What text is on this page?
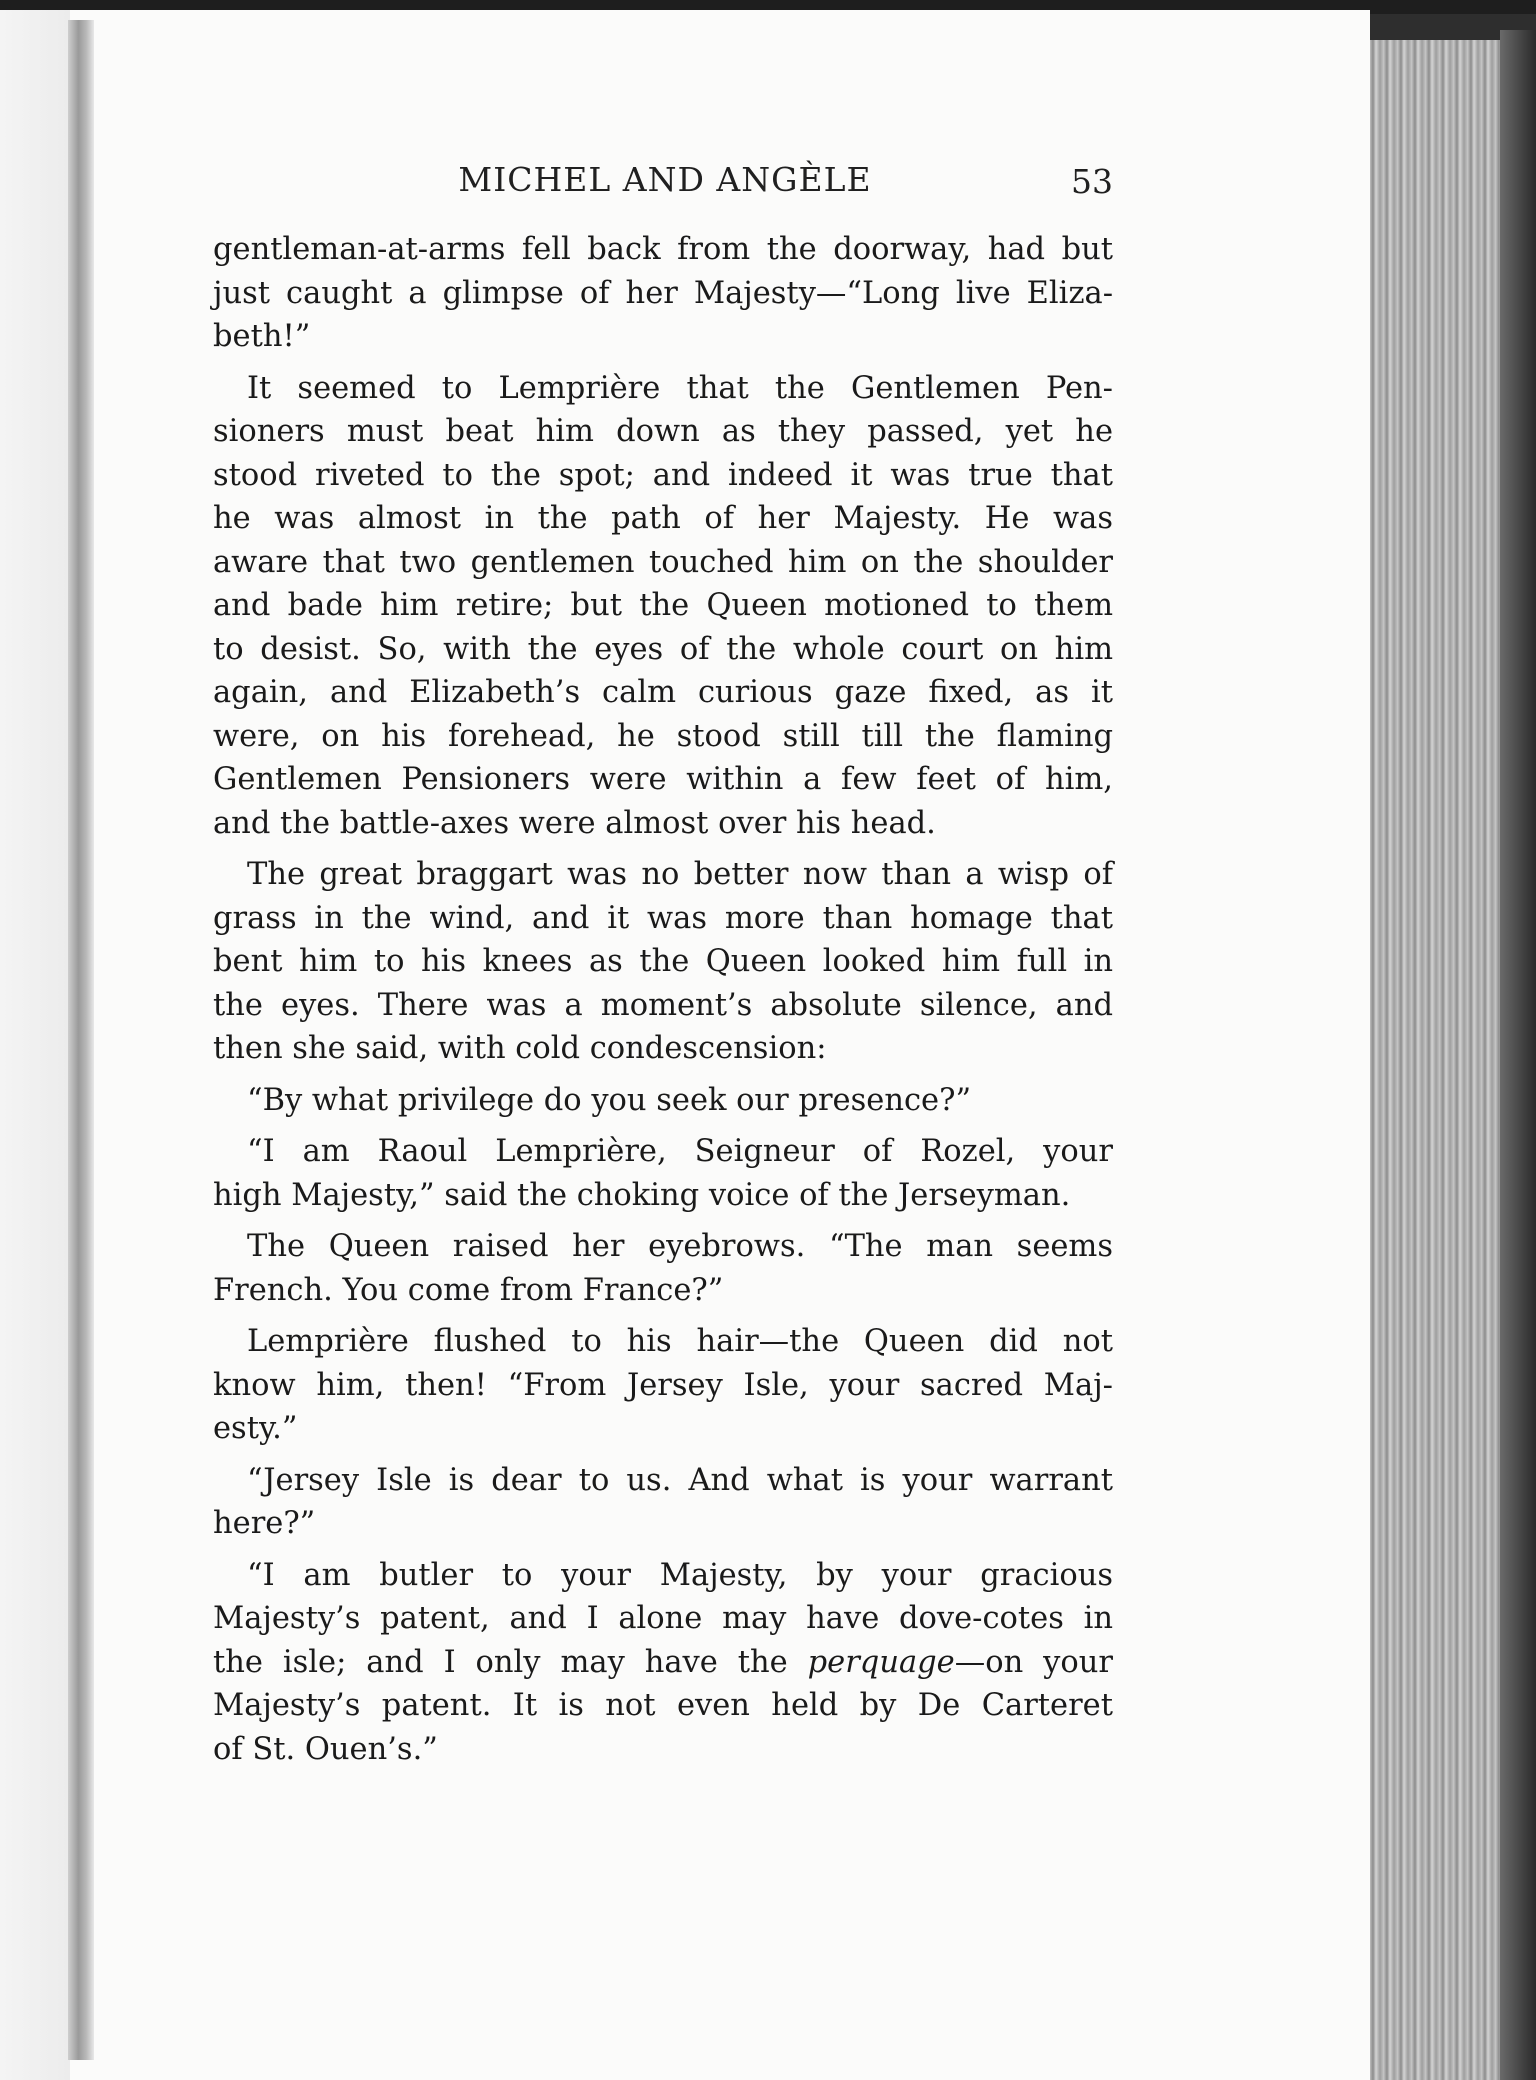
MICHEL AND ANGÈLE	53
gentleman-at-arms fell back from the doorway, had but
just caught a glimpse of her Majesty—“Long live Eliza-
beth!”
It seemed to Lemprière that the Gentlemen Pen-
sioners must beat him down as they passed, yet he
stood riveted to the spot; and indeed it was true that
he was almost in the path of her Majesty. He was
aware that two gentlemen touched him on the shoulder
and bade him retire; but the Queen motioned to them
to desist. So, with the eyes of the whole court on him
again, and Elizabeth’s calm curious gaze fixed, as it
were, on his forehead, he stood still till the flaming
Gentlemen Pensioners were within a few feet of him,
and the battle-axes were almost over his head.
The great braggart was no better now than a wisp of
grass in the wind, and it was more than homage that
bent him to his knees as the Queen looked him full in
the eyes. There was a moment’s absolute silence, and
then she said, with cold condescension:
“By what privilege do you seek our presence?”
“I am Raoul Lemprière, Seigneur of Rozel, your
high Majesty,” said the choking voice of the Jerseyman.
The Queen raised her eyebrows. “The man seems
French. You come from France?”
Lemprière flushed to his hair—the Queen did not
know him, then! “From Jersey Isle, your sacred Maj-
esty.”
“Jersey Isle is dear to us. And what is your warrant
here?”
“I am butler to your Majesty, by your gracious
Majesty’s patent, and I alone may have dove-cotes in
the isle; and I only may have the perquage—on your
Majesty’s patent. It is not even held by De Carteret
of St. Ouen’s.”
